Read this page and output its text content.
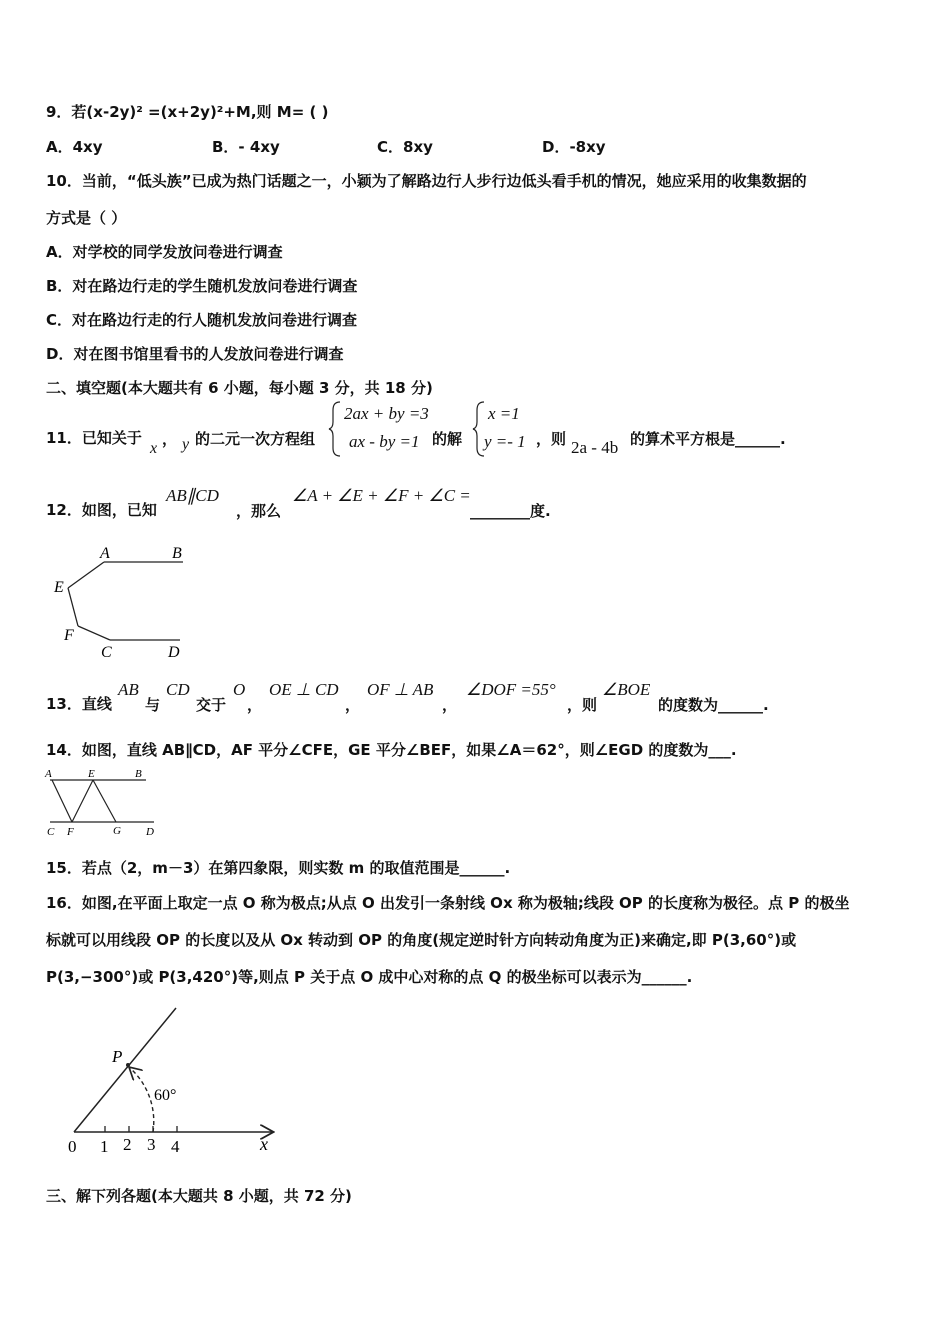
9．若(x-2y)² =(x+2y)²+M,则 M= ( )
A．4xy	B．- 4xy	C．8xy	D．-8xy
10．当前，“低头族”已成为热门话题之一，小颖为了解路边行人步行边低头看手机的情况，她应采用的收集数据的
方式是（ ）
A．对学校的同学发放问卷进行调查
B．对在路边行走的学生随机发放问卷进行调查
C．对在路边行走的行人随机发放问卷进行调查
D．对在图书馆里看书的人发放问卷进行调查
二、填空题(本大题共有 6 小题，每小题 3 分，共 18 分)
11．已知关于
x
， y 的二元一次方程组
2ax + by =3
ax - by =1 的解
x =1
y =- 1 ，则 2a - 4b 的算术平方根是______.
12．如图，已知
AB∥CD
，那么
∠A + ∠E + ∠F + ∠C =
________度.
A	B
E
F
C	D
13．直线
AB
与
CD
交于
O
，
OE ⊥ CD
，
OF ⊥ AB
，
∠DOF =55°
，则
∠BOE
的度数为______.
14．如图，直线 AB∥CD，AF 平分∠CFE，GE 平分∠BEF，如果∠A＝62°，则∠EGD 的度数为___.
A	E	B
C F	G D
15．若点（2，m－3）在第四象限，则实数 m 的取值范围是______.
16．如图,在平面上取定一点 O 称为极点;从点 O 出发引一条射线 Ox 称为极轴;线段 OP 的长度称为极径。点 P 的极坐
标就可以用线段 OP 的长度以及从 Ox 转动到 OP 的角度(规定逆时针方向转动角度为正)来确定,即 P(3,60°)或
P(3,−300°)或 P(3,420°)等,则点 P 关于点 O 成中心对称的点 Q 的极坐标可以表示为______.
P
60°
0 1 2 3 4	x
三、解下列各题(本大题共 8 小题，共 72 分)
